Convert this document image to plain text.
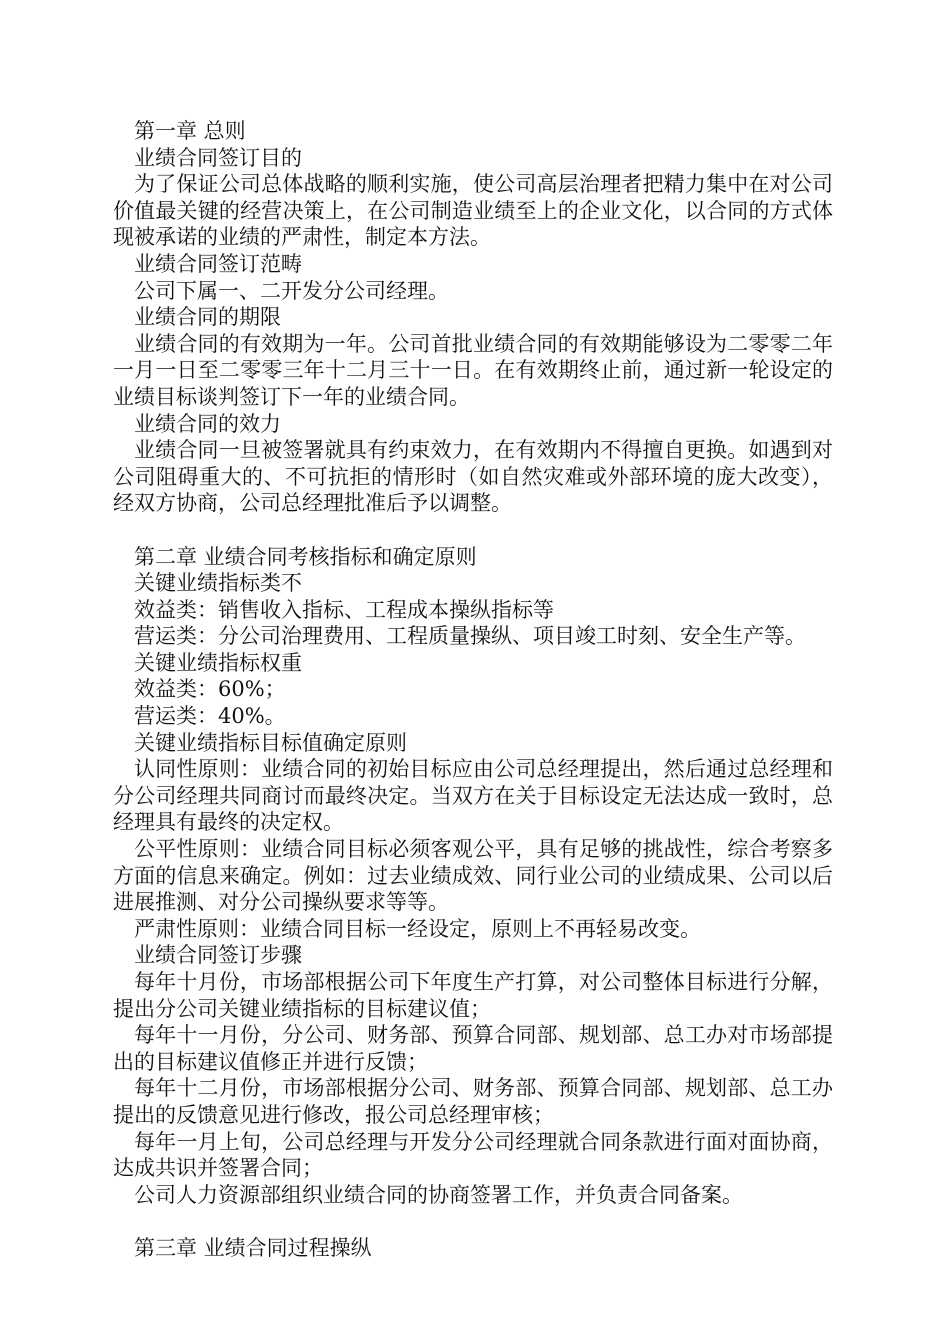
第一章 总则

业绩合同签订目的

为了保证公司总体战略的顺利实施，使公司高层治理者把精力集中在对公司价值最关键的经营决策上，在公司制造业绩至上的企业文化，以合同的方式体现被承诺的业绩的严肃性，制定本方法。

业绩合同签订范畴

公司下属一、二开发分公司经理。

业绩合同的期限

业绩合同的有效期为一年。公司首批业绩合同的有效期能够设为二零零二年一月一日至二零零三年十二月三十一日。在有效期终止前，通过新一轮设定的业绩目标谈判签订下一年的业绩合同。

业绩合同的效力

业绩合同一旦被签署就具有约束效力，在有效期内不得擅自更换。如遇到对公司阻碍重大的、不可抗拒的情形时（如自然灾难或外部环境的庞大改变），经双方协商，公司总经理批准后予以调整。

第二章 业绩合同考核指标和确定原则

关键业绩指标类不

效益类：销售收入指标、工程成本操纵指标等

营运类：分公司治理费用、工程质量操纵、项目竣工时刻、安全生产等。

关键业绩指标权重

效益类：60%；

营运类：40%。

关键业绩指标目标值确定原则

认同性原则：业绩合同的初始目标应由公司总经理提出，然后通过总经理和分公司经理共同商讨而最终决定。当双方在关于目标设定无法达成一致时，总经理具有最终的决定权。

公平性原则：业绩合同目标必须客观公平，具有足够的挑战性，综合考察多方面的信息来确定。例如：过去业绩成效、同行业公司的业绩成果、公司以后进展推测、对分公司操纵要求等等。

严肃性原则：业绩合同目标一经设定，原则上不再轻易改变。

业绩合同签订步骤

每年十月份，市场部根据公司下年度生产打算，对公司整体目标进行分解，提出分公司关键业绩指标的目标建议值；

每年十一月份，分公司、财务部、预算合同部、规划部、总工办对市场部提出的目标建议值修正并进行反馈；

每年十二月份，市场部根据分公司、财务部、预算合同部、规划部、总工办提出的反馈意见进行修改，报公司总经理审核；

每年一月上旬，公司总经理与开发分公司经理就合同条款进行面对面协商，达成共识并签署合同；

公司人力资源部组织业绩合同的协商签署工作，并负责合同备案。

第三章 业绩合同过程操纵
